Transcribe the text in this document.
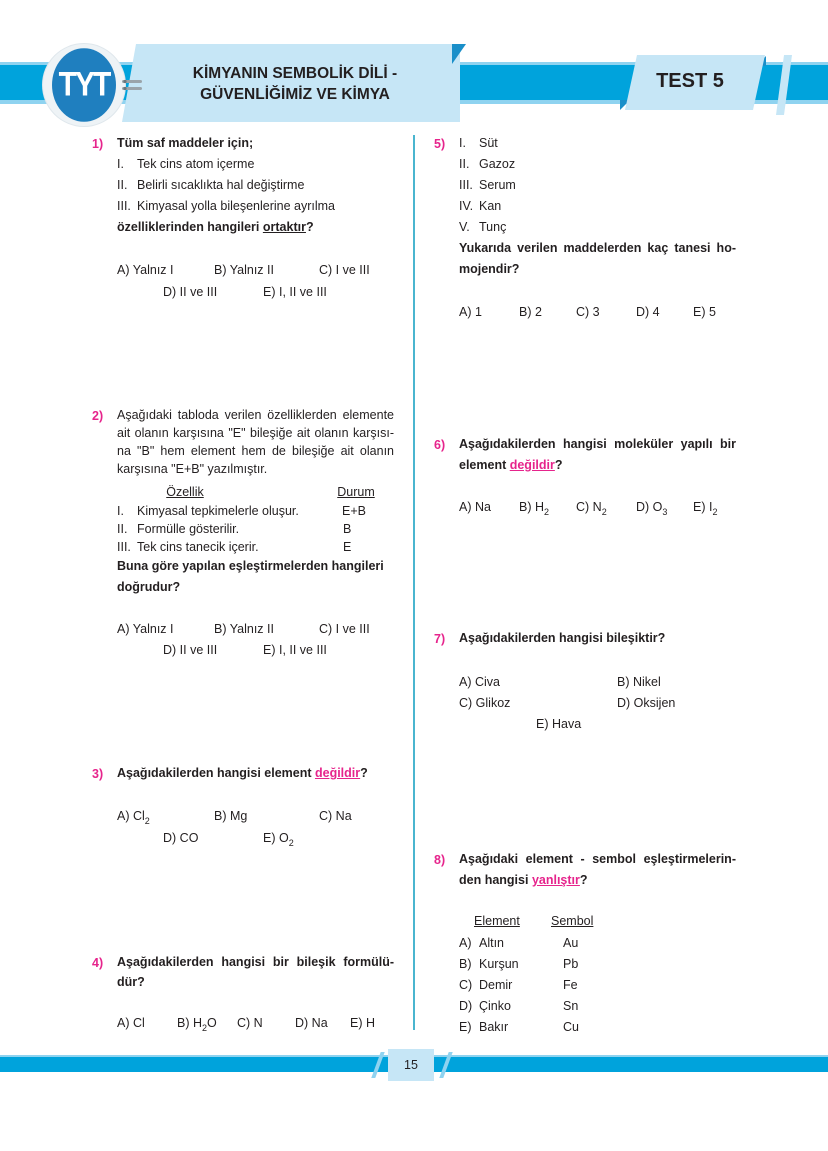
KİMYANIN SEMBOLİK DİLİ -
GÜVENLİĞİMİZ VE KİMYA
TYT	TEST 5
1) Tüm saf maddeler için;
I. Tek cins atom içerme
II. Belirli sıcaklıkta hal değiştirme
III. Kimyasal yolla bileşenlerine ayrılma
özelliklerinden hangileri ortaktır?
A) Yalnız I	B) Yalnız II	C) I ve III
D) II ve III	E) I, II ve III
2) Aşağıdaki tabloda verilen özelliklerden elemente
ait olanın karşısına "E" bileşiğe ait olanın karşısı-
na "B" hem element hem de bileşiğe ait olanın
karşısına "E+B" yazılmıştır.
Özellik	Durum
I. Kimyasal tepkimelerle oluşur.	E+B
II. Formülle gösterilir.	B
III. Tek cins tanecik içerir.	E
Buna göre yapılan eşleştirmelerden hangileri
doğrudur?
A) Yalnız I	B) Yalnız II	C) I ve III
D) II ve III	E) I, II ve III
3) Aşağıdakilerden hangisi element değildir?
A) $Cl_2$	B) Mg	C) Na
D) CO	E) $O_2$
4) Aşağıdakilerden hangisi bir bileşik formülü-
dür?
A) Cl	B) $H_2O$ C) N	D) Na E) H
5) I. Süt
II. Gazoz
III. Serum
IV. Kan
V. Tunç
Yukarıda verilen maddelerden kaç tanesi ho-
mojendir?
A) 1	B) 2	C) 3	D) 4	E) 5
6) Aşağıdakilerden hangisi moleküler yapılı bir
element değildir?
A) Na B) $H_2$ C) $N_2$ D) $O_3$ E) $I_2$
7) Aşağıdakilerden hangisi bileşiktir?
A) Civa	B) Nikel
C) Glikoz	D) Oksijen
E) Hava
8) Aşağıdaki element - sembol eşleştirmelerin-
den hangisi yanlıştır?
Element Sembol
A) Altın	Au
B) Kurşun	Pb
C) Demir	Fe
D) Çinko	Sn
E) Bakır	Cu
15
